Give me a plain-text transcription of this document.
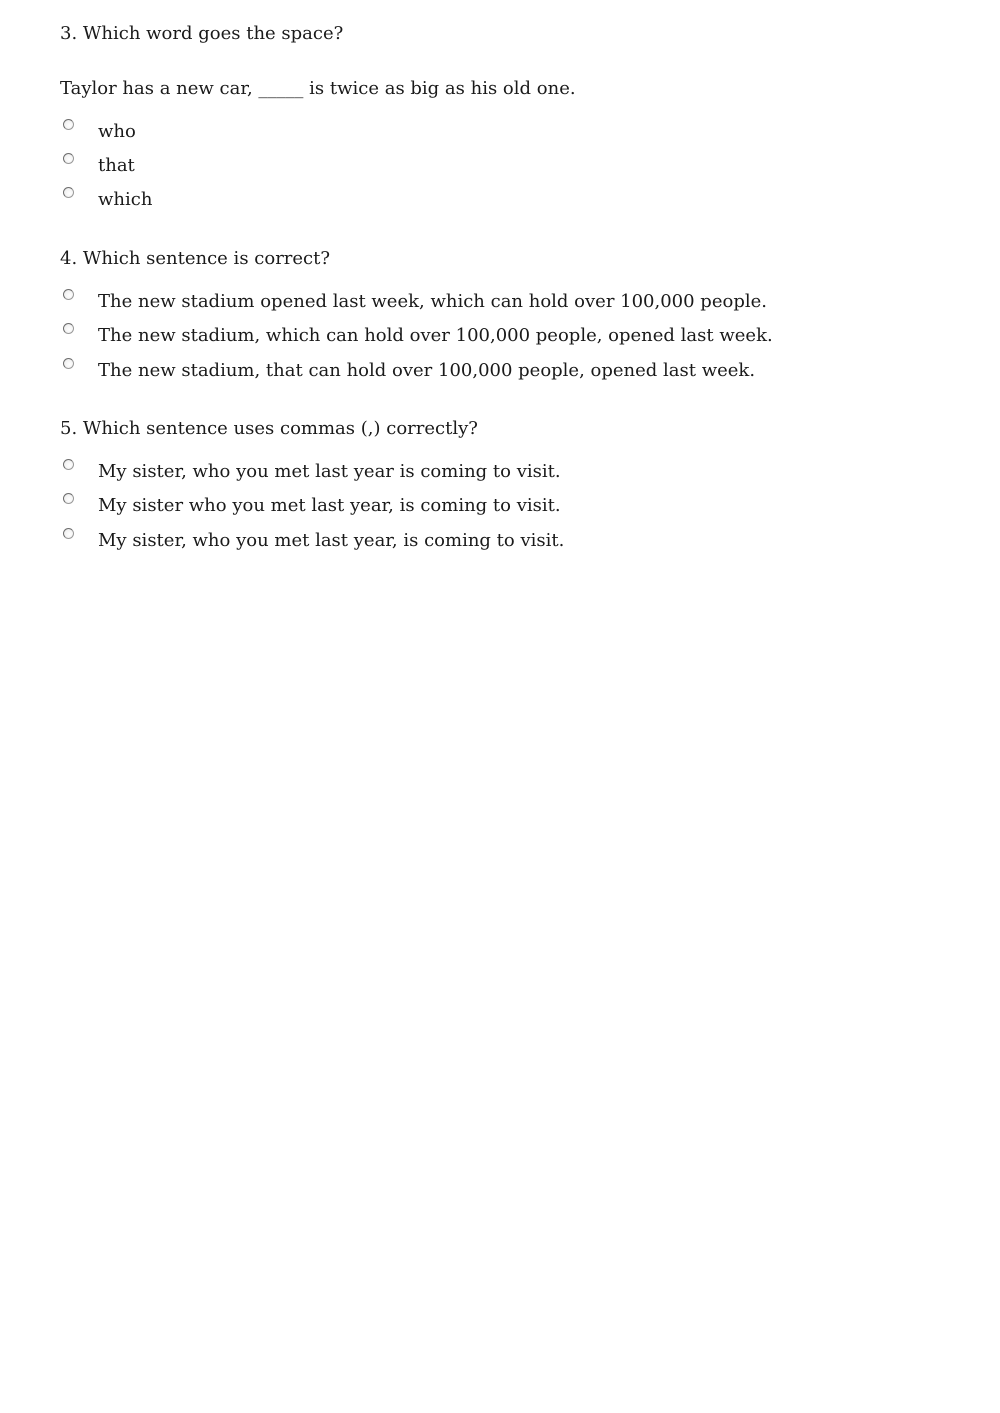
3. Which word goes the space?
Taylor has a new car, _____ is twice as big as his old one.
who
that
which
4. Which sentence is correct?
The new stadium opened last week, which can hold over 100,000 people.
The new stadium, which can hold over 100,000 people, opened last week.
The new stadium, that can hold over 100,000 people, opened last week.
5. Which sentence uses commas (,) correctly?
My sister, who you met last year is coming to visit.
My sister who you met last year, is coming to visit.
My sister, who you met last year, is coming to visit.
